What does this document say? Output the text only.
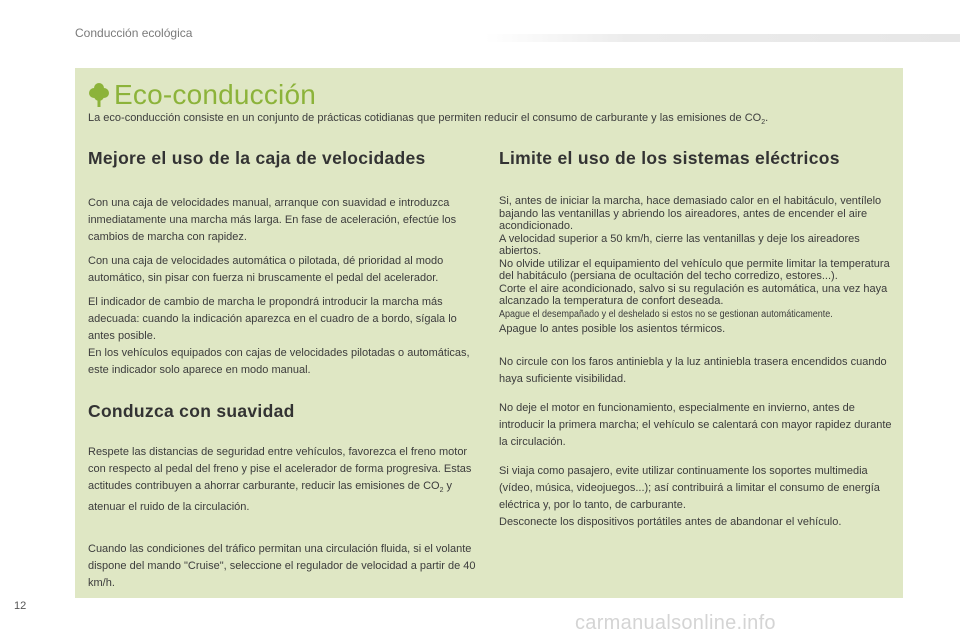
Conducción ecológica
Eco-conducción
La eco-conducción consiste en un conjunto de prácticas cotidianas que permiten reducir el consumo de carburante y las emisiones de $CO_2$.
Mejore el uso de la caja de velocidades

Con una caja de velocidades manual, arranque con suavidad e introduzca inmediatamente una marcha más larga. En fase de aceleración, efectúe los cambios de marcha con rapidez.

Con una caja de velocidades automática o pilotada, dé prioridad al modo automático, sin pisar con fuerza ni bruscamente el pedal del acelerador.

El indicador de cambio de marcha le propondrá introducir la marcha más adecuada: cuando la indicación aparezca en el cuadro de a bordo, sígala lo antes posible.

En los vehículos equipados con cajas de velocidades pilotadas o automáticas, este indicador solo aparece en modo manual.

Conduzca con suavidad

Respete las distancias de seguridad entre vehículos, favorezca el freno motor con respecto al pedal del freno y pise el acelerador de forma progresiva. Estas actitudes contribuyen a ahorrar carburante, reducir las emisiones de $CO_2$ y atenuar el ruido de la circulación.

Cuando las condiciones del tráfico permitan una circulación fluida, si el volante dispone del mando "Cruise", seleccione el regulador de velocidad a partir de 40 km/h.

Limite el uso de los sistemas eléctricos

Si, antes de iniciar la marcha, hace demasiado calor en el habitáculo, ventílelo bajando las ventanillas y abriendo los aireadores, antes de encender el aire acondicionado.

A velocidad superior a 50 km/h, cierre las ventanillas y deje los aireadores abiertos.

No olvide utilizar el equipamiento del vehículo que permite limitar la temperatura del habitáculo (persiana de ocultación del techo corredizo, estores...).

Corte el aire acondicionado, salvo si su regulación es automática, una vez haya alcanzado la temperatura de confort deseada.

Apague el desempañado y el deshelado si estos no se gestionan automáticamente.

Apague lo antes posible los asientos térmicos.

No circule con los faros antiniebla y la luz antiniebla trasera encendidos cuando haya suficiente visibilidad.

No deje el motor en funcionamiento, especialmente en invierno, antes de introducir la primera marcha; el vehículo se calentará con mayor rapidez durante la circulación.

Si viaja como pasajero, evite utilizar continuamente los soportes multimedia (vídeo, música, videojuegos...); así contribuirá a limitar el consumo de energía eléctrica y, por lo tanto, de carburante.

Desconecte los dispositivos portátiles antes de abandonar el vehículo.

12
carmanualsonline.info
